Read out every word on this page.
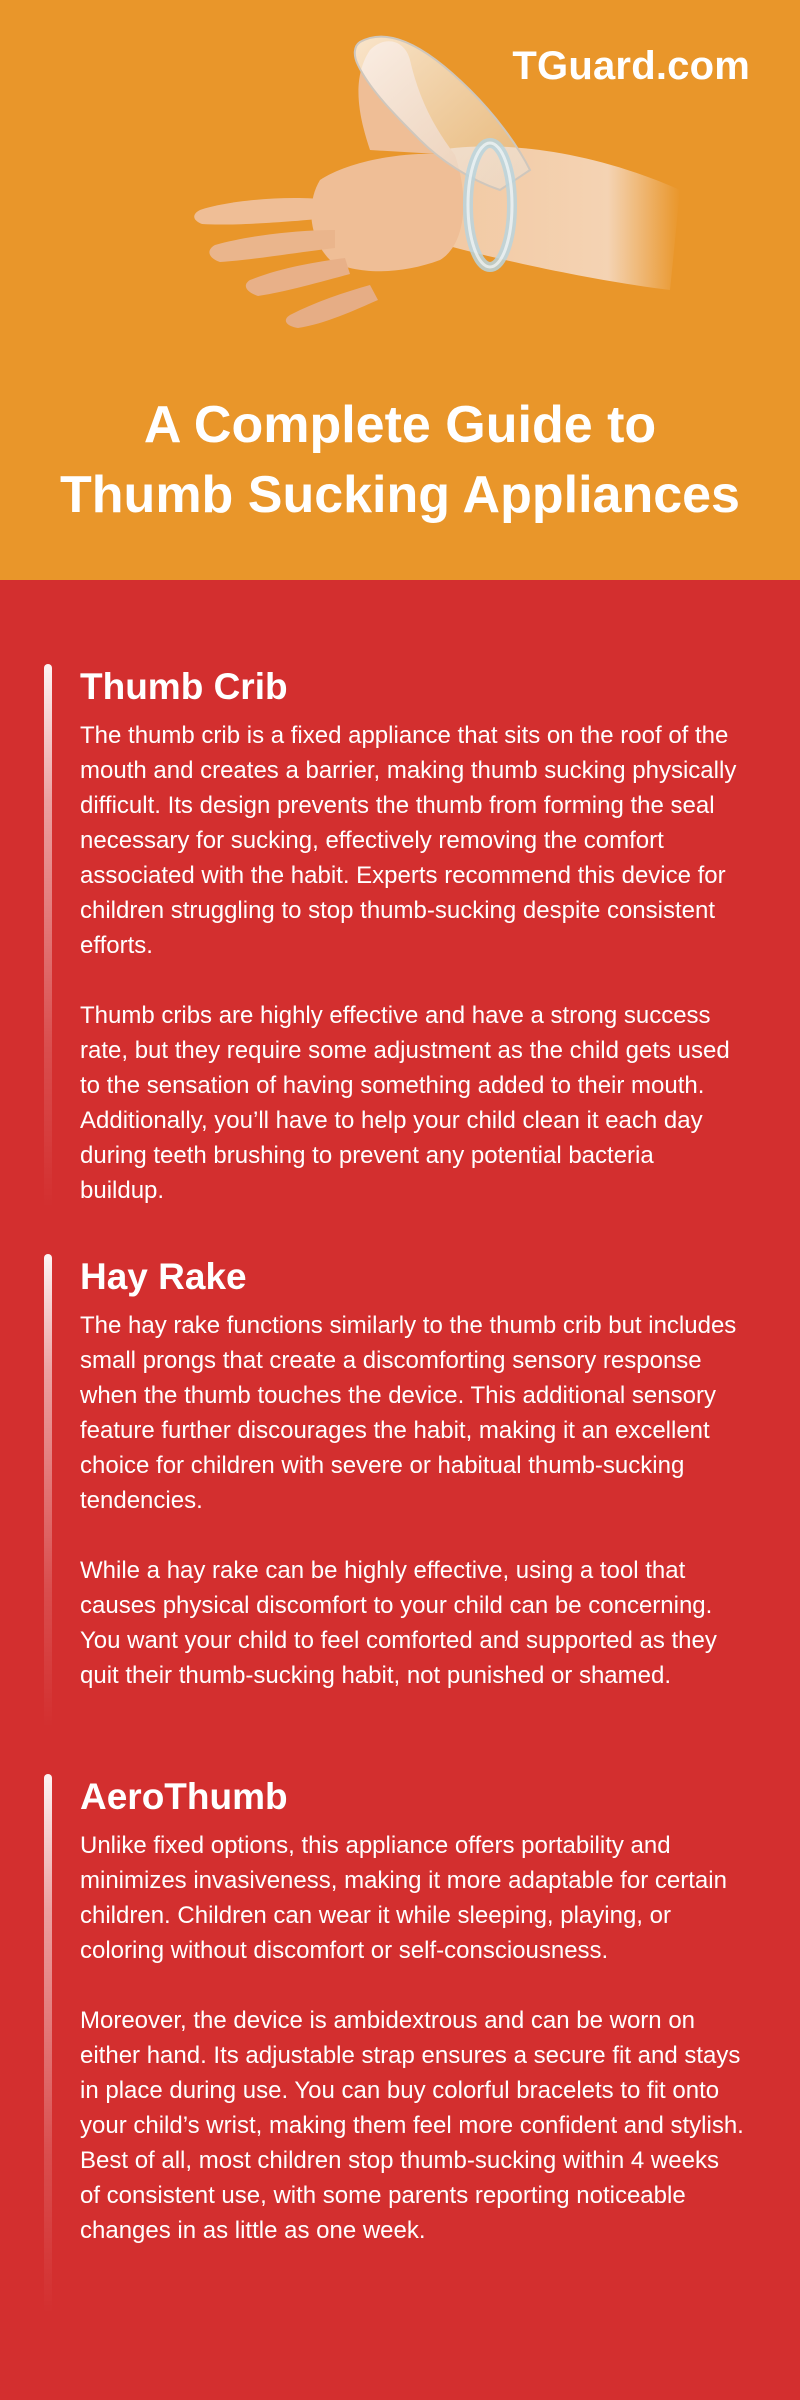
TGuard.com
A Complete Guide to
Thumb Sucking Appliances
Thumb Crib

The thumb crib is a fixed appliance that sits on the roof of the mouth and creates a barrier, making thumb sucking physically difficult. Its design prevents the thumb from forming the seal necessary for sucking, effectively removing the comfort associated with the habit. Experts recommend this device for children struggling to stop thumb-sucking despite consistent efforts.

Thumb cribs are highly effective and have a strong success rate, but they require some adjustment as the child gets used to the sensation of having something added to their mouth. Additionally, you’ll have to help your child clean it each day during teeth brushing to prevent any potential bacteria buildup.

Hay Rake

The hay rake functions similarly to the thumb crib but includes small prongs that create a discomforting sensory response when the thumb touches the device. This additional sensory feature further discourages the habit, making it an excellent choice for children with severe or habitual thumb-sucking tendencies.

While a hay rake can be highly effective, using a tool that causes physical discomfort to your child can be concerning. You want your child to feel comforted and supported as they quit their thumb-sucking habit, not punished or shamed.

AeroThumb

Unlike fixed options, this appliance offers portability and minimizes invasiveness, making it more adaptable for certain children. Children can wear it while sleeping, playing, or coloring without discomfort or self-consciousness.

Moreover, the device is ambidextrous and can be worn on either hand. Its adjustable strap ensures a secure fit and stays in place during use. You can buy colorful bracelets to fit onto your child’s wrist, making them feel more confident and stylish. Best of all, most children stop thumb-sucking within 4 weeks of consistent use, with some parents reporting noticeable changes in as little as one week.
